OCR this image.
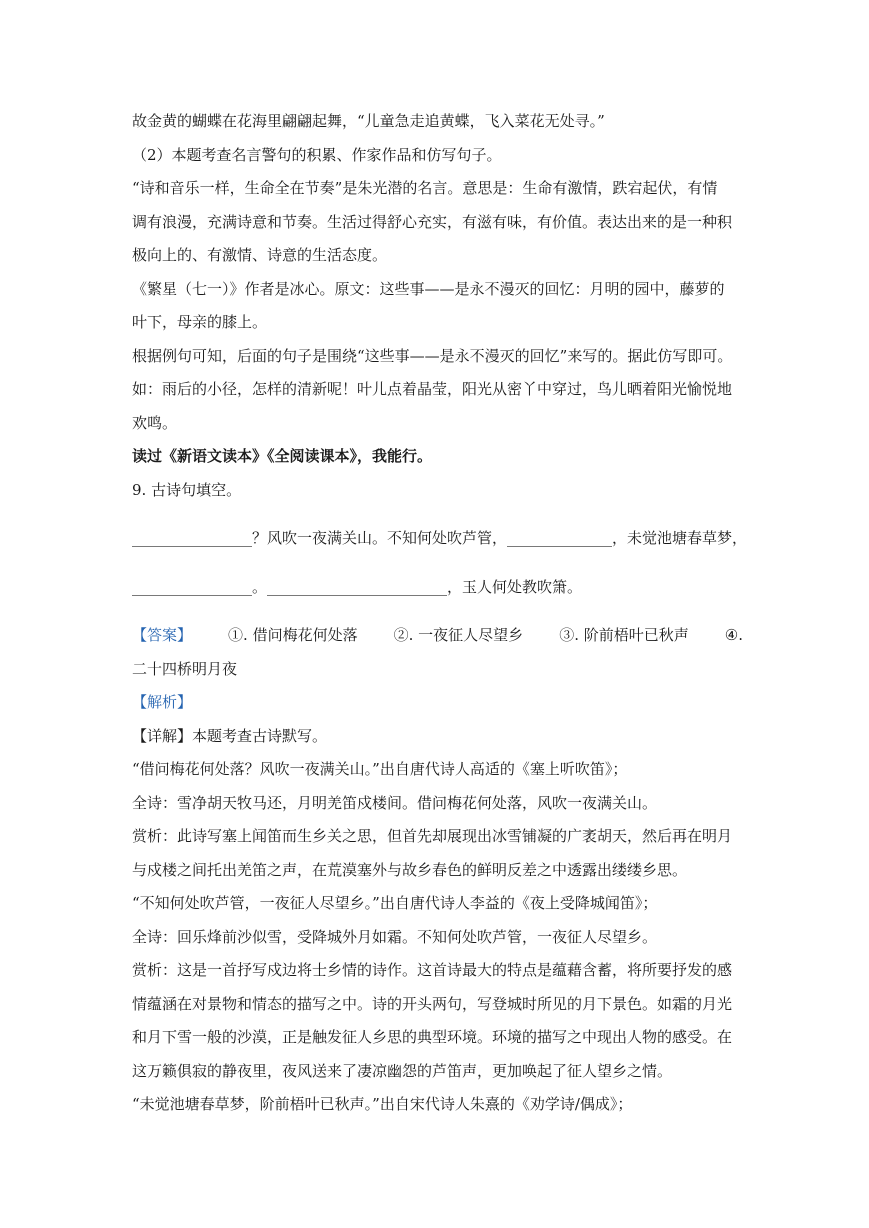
故金黄的蝴蝶在花海里翩翩起舞，“儿童急走追黄蝶，飞入菜花无处寻。”

（2）本题考查名言警句的积累、作家作品和仿写句子。

“诗和音乐一样，生命全在节奏”是朱光潜的名言。意思是：生命有激情，跌宕起伏，有情

调有浪漫，充满诗意和节奏。生活过得舒心充实，有滋有味，有价值。表达出来的是一种积

极向上的、有激情、诗意的生活态度。

《繁星（七一）》作者是冰心。原文：这些事——是永不漫灭的回忆：月明的园中，藤萝的

叶下，母亲的膝上。

根据例句可知，后面的句子是围绕“这些事——是永不漫灭的回忆”来写的。据此仿写即可。

如：雨后的小径，怎样的清新呢！叶儿点着晶莹，阳光从密丫中穿过，鸟儿晒着阳光愉悦地

欢鸣。

读过《新语文读本》《全阅读课本》，我能行。

9. 古诗句填空。

________________？风吹一夜满关山。不知何处吹芦管，______________，未觉池塘春草梦，

________________。________________________，玉人何处教吹箫。

【答案】 ①. 借问梅花何处落 ②. 一夜征人尽望乡 ③. 阶前梧叶已秋声 ④.

二十四桥明月夜

【解析】

【详解】本题考查古诗默写。

“借问梅花何处落？风吹一夜满关山。”出自唐代诗人高适的《塞上听吹笛》；

全诗：雪净胡天牧马还，月明羌笛戍楼间。借问梅花何处落，风吹一夜满关山。

赏析：此诗写塞上闻笛而生乡关之思，但首先却展现出冰雪铺凝的广袤胡天，然后再在明月

与戍楼之间托出羌笛之声，在荒漠塞外与故乡春色的鲜明反差之中透露出缕缕乡思。

“不知何处吹芦管，一夜征人尽望乡。”出自唐代诗人李益的《夜上受降城闻笛》；

全诗：回乐烽前沙似雪，受降城外月如霜。不知何处吹芦管，一夜征人尽望乡。

赏析：这是一首抒写戍边将士乡情的诗作。这首诗最大的特点是蕴藉含蓄，将所要抒发的感

情蕴涵在对景物和情态的描写之中。诗的开头两句，写登城时所见的月下景色。如霜的月光

和月下雪一般的沙漠，正是触发征人乡思的典型环境。环境的描写之中现出人物的感受。在

这万籁俱寂的静夜里，夜风送来了凄凉幽怨的芦笛声，更加唤起了征人望乡之情。

“未觉池塘春草梦，阶前梧叶已秋声。”出自宋代诗人朱熹的《劝学诗/偶成》；
